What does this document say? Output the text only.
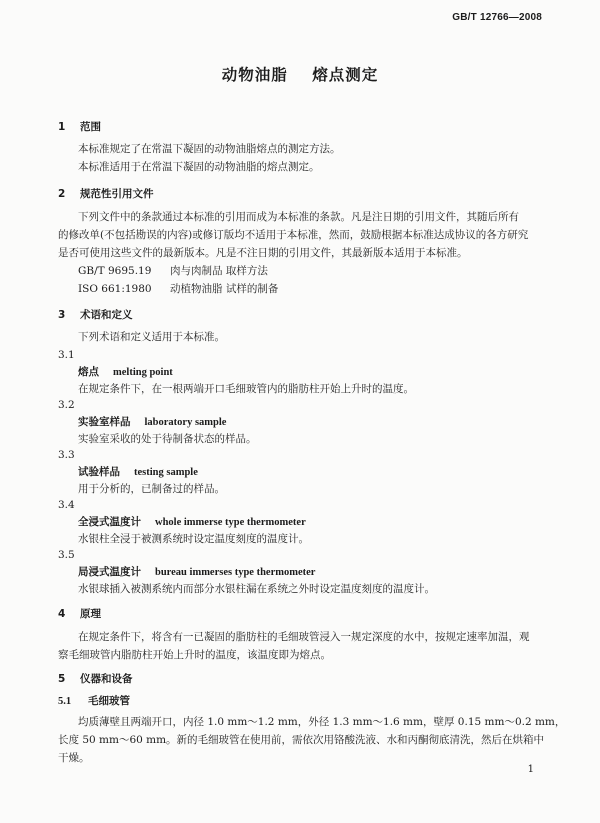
GB/T 12766—2008
动物油脂 熔点测定
1 范围
本标准规定了在常温下凝固的动物油脂熔点的测定方法。
本标准适用于在常温下凝固的动物油脂的熔点测定。
2 规范性引用文件
下列文件中的条款通过本标准的引用而成为本标准的条款。凡是注日期的引用文件，其随后所有
的修改单(不包括勘误的内容)或修订版均不适用于本标准，然而，鼓励根据本标准达成协议的各方研究
是否可使用这些文件的最新版本。凡是不注日期的引用文件，其最新版本适用于本标准。
GB/T 9695.19 肉与肉制品 取样方法
ISO 661:1980 动植物油脂 试样的制备
3 术语和定义
下列术语和定义适用于本标准。
3.1
熔点 melting point
在规定条件下，在一根两端开口毛细玻管内的脂肪柱开始上升时的温度。
3.2
实验室样品 laboratory sample
实验室采收的处于待制备状态的样品。
3.3
试验样品 testing sample
用于分析的，已制备过的样品。
3.4
全浸式温度计 whole immerse type thermometer
水银柱全浸于被测系统时设定温度刻度的温度计。
3.5
局浸式温度计 bureau immerses type thermometer
水银球插入被测系统内而部分水银柱漏在系统之外时设定温度刻度的温度计。
4 原理
在规定条件下，将含有一已凝固的脂肪柱的毛细玻管浸入一规定深度的水中，按规定速率加温，观
察毛细玻管内脂肪柱开始上升时的温度，该温度即为熔点。
5 仪器和设备
5.1 毛细玻管
均质薄壁且两端开口，内径 1.0 mm～1.2 mm，外径 1.3 mm～1.6 mm，壁厚 0.15 mm～0.2 mm，
长度 50 mm～60 mm。新的毛细玻管在使用前，需依次用铬酸洗液、水和丙酮彻底清洗，然后在烘箱中
干燥。
1
